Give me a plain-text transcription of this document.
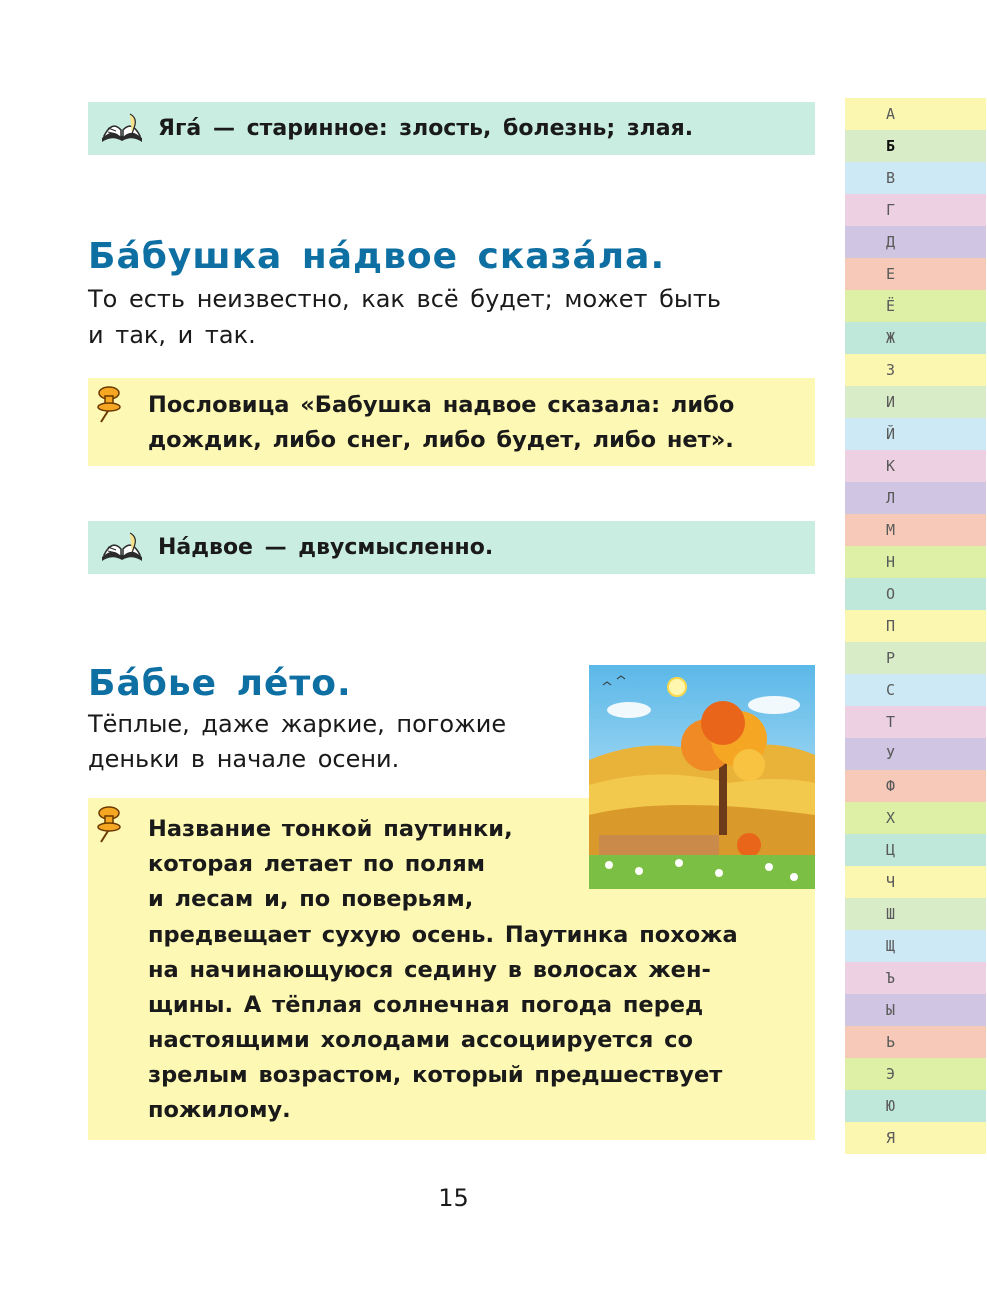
Яга́ — старинное: злость, болезнь; злая.
Ба́бушка на́двое сказа́ла.
То есть неизвестно, как всё будет; может быть
и так, и так.
Пословица «Бабушка надвое сказала: либо
дождик, либо снег, либо будет, либо нет».
На́двое — двусмысленно.
Ба́бье ле́то.
Тёплые, даже жаркие, погожие
деньки в начале осени.
Название тонкой паутинки,
которая летает по полям
и лесам и, по поверьям,
предвещает сухую осень. Паутинка похожа
на начинающуюся седину в волосах жен-
щины. А тёплая солнечная погода перед
настоящими холодами ассоциируется со
зрелым возрастом, который предшествует
пожилому.
А
Б
В
Г
Д
Е
Ё
Ж
З
И
Й
К
Л
М
Н
О
П
Р
С
Т
У
Ф
Х
Ц
Ч
Ш
Щ
Ъ
Ы
Ь
Э
Ю
Я
15
